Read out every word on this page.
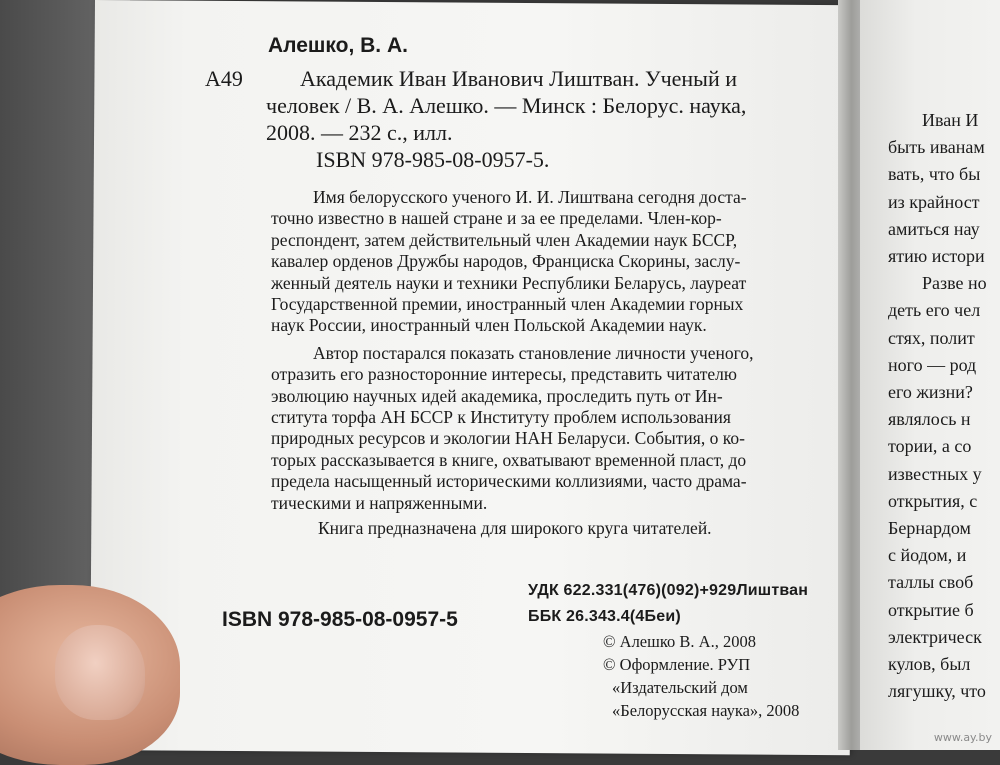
Иван И
быть иванам
вать, что бы
из крайност
амиться нау
ятию истори
Разве но
деть его чел
стях, полит
ного — род
его жизни?
являлось н
тории, а со
известных у
открытия, с
Бернардом
с йодом, и
таллы своб
открытие б
электрическ
кулов, был
лягушку, что
Алешко, В. А.
А49	Академик Иван Иванович Лиштван. Ученый и
человек / В. А. Алешко. — Минск : Белорус. наука,
2008. — 232 с., илл.
ISBN 978-985-08-0957-5.
УДК 622.331(476)(092)+929Лиштван
ББК 26.343.4(4Беи)
ISBN 978-985-08-0957-5
© Алешко В. А., 2008
© Оформление. РУП
«Издательский дом
«Белорусская наука», 2008
www.ay.by
Имя белорусского ученого И. И. Лиштвана сегодня доста-
точно известно в нашей стране и за ее пределами. Член-кор-
респондент, затем действительный член Академии наук БССР,
кавалер орденов Дружбы народов, Франциска Скорины, заслу-
женный деятель науки и техники Республики Беларусь, лауреат
Государственной премии, иностранный член Академии горных
наук России, иностранный член Польской Академии наук.
Автор постарался показать становление личности ученого,
отразить его разносторонние интересы, представить читателю
эволюцию научных идей академика, проследить путь от Ин-
ститута торфа АН БССР к Институту проблем использования
природных ресурсов и экологии НАН Беларуси. События, о ко-
торых рассказывается в книге, охватывают временной пласт, до
предела насыщенный историческими коллизиями, часто драма-
тическими и напряженными.
Книга предназначена для широкого круга читателей.
